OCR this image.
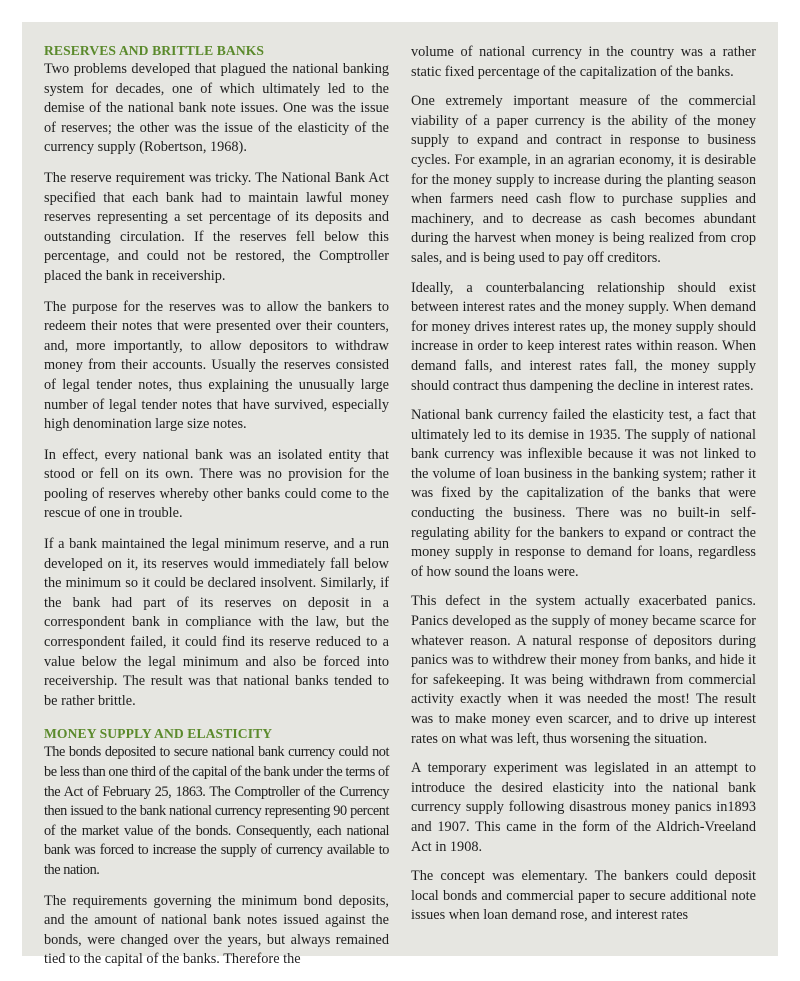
RESERVES AND BRITTLE BANKS

Two problems developed that plagued the national banking system for decades, one of which ultimately led to the demise of the national bank note issues. One was the issue of reserves; the other was the issue of the elasticity of the currency supply (Robertson, 1968).

The reserve requirement was tricky. The National Bank Act specified that each bank had to maintain lawful money reserves representing a set percentage of its deposits and outstanding circulation. If the reserves fell below this percentage, and could not be restored, the Comptroller placed the bank in receivership.

The purpose for the reserves was to allow the bankers to redeem their notes that were presented over their counters, and, more importantly, to allow depositors to withdraw money from their accounts. Usually the reserves consisted of legal tender notes, thus explaining the unusually large number of legal tender notes that have survived, especially high denomination large size notes.

In effect, every national bank was an isolated entity that stood or fell on its own. There was no provision for the pooling of reserves whereby other banks could come to the rescue of one in trouble.

If a bank maintained the legal minimum reserve, and a run developed on it, its reserves would immediately fall below the minimum so it could be declared insolvent. Similarly, if the bank had part of its reserves on deposit in a correspondent bank in compliance with the law, but the correspondent failed, it could find its reserve reduced to a value below the legal minimum and also be forced into receivership. The result was that national banks tended to be rather brittle.

MONEY SUPPLY AND ELASTICITY

The bonds deposited to secure national bank currency could not be less than one third of the capital of the bank under the terms of the Act of February 25, 1863. The Comptroller of the Currency then issued to the bank national currency representing 90 percent of the market value of the bonds. Consequently, each national bank was forced to increase the supply of currency available to the nation.

The requirements governing the minimum bond deposits, and the amount of national bank notes issued against the bonds, were changed over the years, but always remained tied to the capital of the banks. Therefore the

volume of national currency in the country was a rather static fixed percentage of the capitalization of the banks.

One extremely important measure of the commercial viability of a paper currency is the ability of the money supply to expand and contract in response to business cycles. For example, in an agrarian economy, it is desirable for the money supply to increase during the planting season when farmers need cash flow to purchase supplies and machinery, and to decrease as cash becomes abundant during the harvest when money is being realized from crop sales, and is being used to pay off creditors.

Ideally, a counterbalancing relationship should exist between interest rates and the money supply. When demand for money drives interest rates up, the money supply should increase in order to keep interest rates within reason. When demand falls, and interest rates fall, the money supply should contract thus dampening the decline in interest rates.

National bank currency failed the elasticity test, a fact that ultimately led to its demise in 1935. The supply of national bank currency was inflexible because it was not linked to the volume of loan business in the banking system; rather it was fixed by the capitalization of the banks that were conducting the business. There was no built-in self-regulating ability for the bankers to expand or contract the money supply in response to demand for loans, regardless of how sound the loans were.

This defect in the system actually exacerbated panics. Panics developed as the supply of money became scarce for whatever reason. A natural response of depositors during panics was to withdrew their money from banks, and hide it for safekeeping. It was being withdrawn from commercial activity exactly when it was needed the most! The result was to make money even scarcer, and to drive up interest rates on what was left, thus worsening the situation.

A temporary experiment was legislated in an attempt to introduce the desired elasticity into the national bank currency supply following disastrous money panics in1893 and 1907. This came in the form of the Aldrich-Vreeland Act in 1908.

The concept was elementary. The bankers could deposit local bonds and commercial paper to secure additional note issues when loan demand rose, and interest rates
